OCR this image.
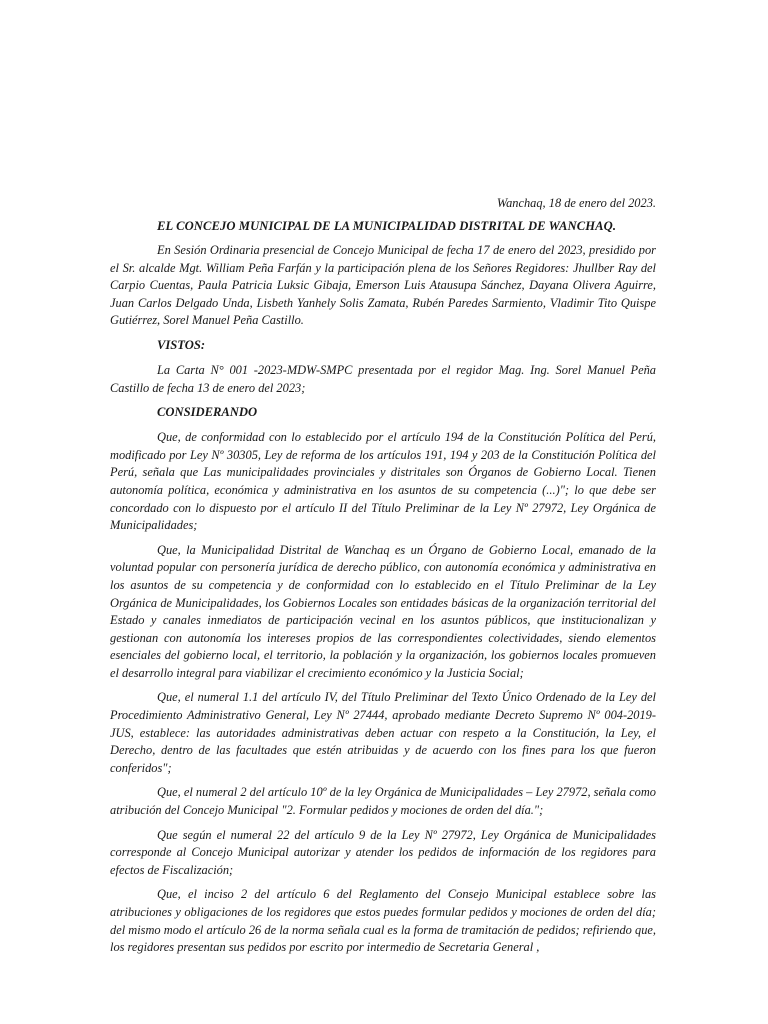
Wanchaq, 18 de enero del 2023.
EL CONCEJO MUNICIPAL DE LA MUNICIPALIDAD DISTRITAL DE WANCHAQ.

En Sesión Ordinaria presencial de Concejo Municipal de fecha 17 de enero del 2023, presidido por el Sr. alcalde Mgt. William Peña Farfán y la participación plena de los Señores Regidores: Jhullber Ray del Carpio Cuentas, Paula Patricia Luksic Gibaja, Emerson Luis Atausupa Sánchez, Dayana Olivera Aguirre, Juan Carlos Delgado Unda, Lisbeth Yanhely Solis Zamata, Rubén Paredes Sarmiento, Vladimir Tito Quispe Gutiérrez, Sorel Manuel Peña Castillo.

VISTOS:

La Carta N° 001 -2023-MDW-SMPC presentada por el regidor Mag. Ing. Sorel Manuel Peña Castillo de fecha 13 de enero del 2023;

CONSIDERANDO

Que, de conformidad con lo establecido por el artículo 194 de la Constitución Política del Perú, modificado por Ley Nº 30305, Ley de reforma de los artículos 191, 194 y 203 de la Constitución Política del Perú, señala que Las municipalidades provinciales y distritales son Órganos de Gobierno Local. Tienen autonomía política, económica y administrativa en los asuntos de su competencia (...)"; lo que debe ser concordado con lo dispuesto por el artículo II del Título Preliminar de la Ley Nº 27972, Ley Orgánica de Municipalidades;

Que, la Municipalidad Distrital de Wanchaq es un Órgano de Gobierno Local, emanado de la voluntad popular con personería jurídica de derecho público, con autonomía económica y administrativa en los asuntos de su competencia y de conformidad con lo establecido en el Título Preliminar de la Ley Orgánica de Municipalidades, los Gobiernos Locales son entidades básicas de la organización territorial del Estado y canales inmediatos de participación vecinal en los asuntos públicos, que institucionalizan y gestionan con autonomía los intereses propios de las correspondientes colectividades, siendo elementos esenciales del gobierno local, el territorio, la población y la organización, los gobiernos locales promueven el desarrollo integral para viabilizar el crecimiento económico y la Justicia Social;

Que, el numeral 1.1 del artículo IV, del Título Preliminar del Texto Único Ordenado de la Ley del Procedimiento Administrativo General, Ley Nº 27444, aprobado mediante Decreto Supremo Nº 004-2019-JUS, establece: las autoridades administrativas deben actuar con respeto a la Constitución, la Ley, el Derecho, dentro de las facultades que estén atribuidas y de acuerdo con los fines para los que fueron conferidos";

Que, el numeral 2 del artículo 10º de la ley Orgánica de Municipalidades – Ley 27972, señala como atribución del Concejo Municipal "2. Formular pedidos y mociones de orden del día.";

Que según el numeral 22 del artículo 9 de la Ley Nº 27972, Ley Orgánica de Municipalidades corresponde al Concejo Municipal autorizar y atender los pedidos de información de los regidores para efectos de Fiscalización;

Que, el inciso 2 del artículo 6 del Reglamento del Consejo Municipal establece sobre las atribuciones y obligaciones de los regidores que estos puedes formular pedidos y mociones de orden del día; del mismo modo el artículo 26 de la norma señala cual es la forma de tramitación de pedidos; refiriendo que, los regidores presentan sus pedidos por escrito por intermedio de Secretaria General ,
